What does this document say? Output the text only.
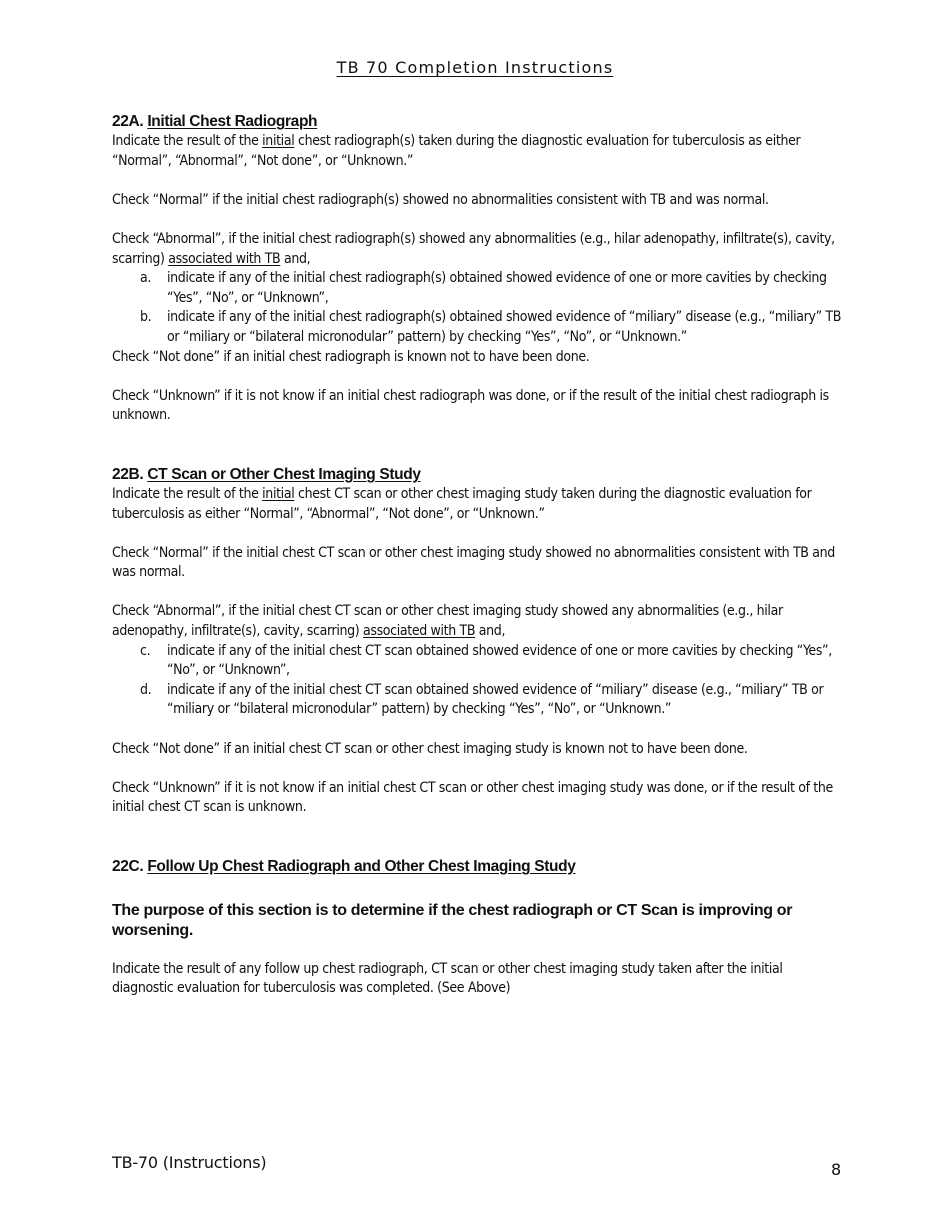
TB 70 Completion Instructions
22A. Initial Chest Radiograph

Indicate the result of the initial chest radiograph(s) taken during the diagnostic evaluation for tuberculosis as either “Normal”, “Abnormal”, “Not done”, or “Unknown.”

Check “Normal” if the initial chest radiograph(s) showed no abnormalities consistent with TB and was normal.

Check “Abnormal”, if the initial chest radiograph(s) showed any abnormalities (e.g., hilar adenopathy, infiltrate(s), cavity, scarring) associated with TB and,

a. indicate if any of the initial chest radiograph(s) obtained showed evidence of one or more cavities by checking “Yes”, “No”, or “Unknown”,
b. indicate if any of the initial chest radiograph(s) obtained showed evidence of “miliary” disease (e.g., “miliary” TB or “miliary or “bilateral micronodular” pattern) by checking “Yes”, “No”, or “Unknown.”

Check “Not done” if an initial chest radiograph is known not to have been done.

Check “Unknown” if it is not know if an initial chest radiograph was done, or if the result of the initial chest radiograph is unknown.

22B. CT Scan or Other Chest Imaging Study

Indicate the result of the initial chest CT scan or other chest imaging study taken during the diagnostic evaluation for tuberculosis as either “Normal”, “Abnormal”, “Not done”, or “Unknown.”

Check “Normal” if the initial chest CT scan or other chest imaging study showed no abnormalities consistent with TB and was normal.

Check “Abnormal”, if the initial chest CT scan or other chest imaging study showed any abnormalities (e.g., hilar adenopathy, infiltrate(s), cavity, scarring) associated with TB and,

c. indicate if any of the initial chest CT scan obtained showed evidence of one or more cavities by checking “Yes”, “No”, or “Unknown”,
d. indicate if any of the initial chest CT scan obtained showed evidence of “miliary” disease (e.g., “miliary” TB or “miliary or “bilateral micronodular” pattern) by checking “Yes”, “No”, or “Unknown.”

Check “Not done” if an initial chest CT scan or other chest imaging study is known not to have been done.

Check “Unknown” if it is not know if an initial chest CT scan or other chest imaging study was done, or if the result of the initial chest CT scan is unknown.

22C. Follow Up Chest Radiograph and Other Chest Imaging Study

The purpose of this section is to determine if the chest radiograph or CT Scan is improving or worsening.

Indicate the result of any follow up chest radiograph, CT scan or other chest imaging study taken after the initial diagnostic evaluation for tuberculosis was completed. (See Above)

TB-70 (Instructions)	8
